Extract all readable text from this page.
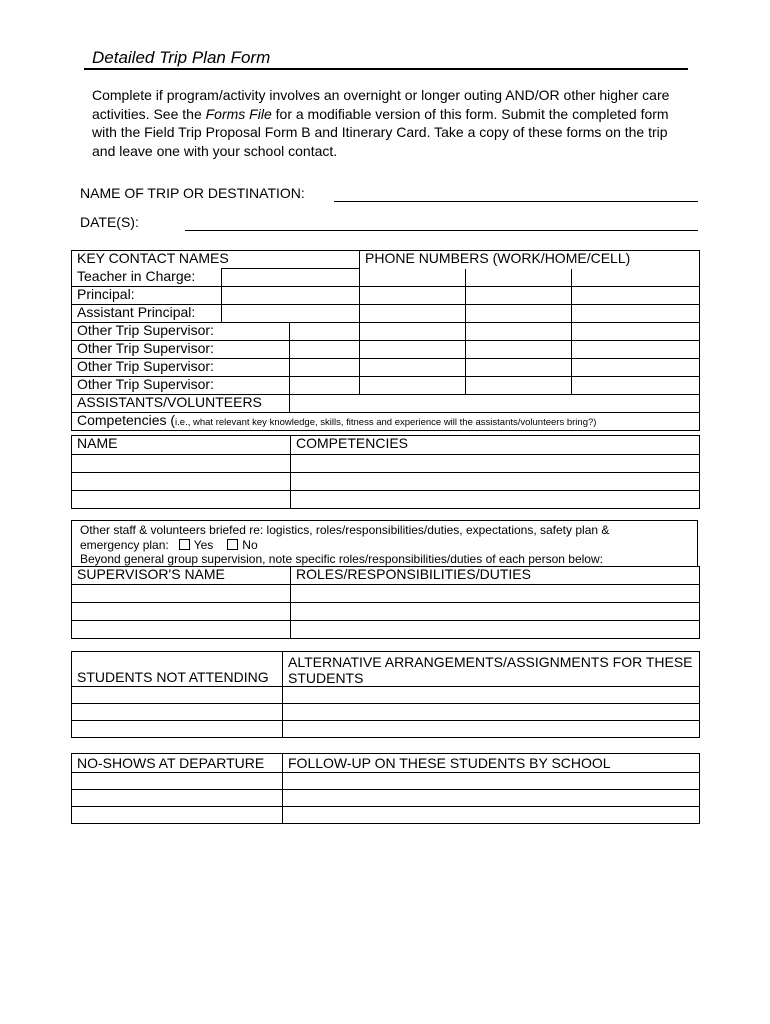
Detailed Trip Plan Form
Complete if program/activity involves an overnight or longer outing AND/OR other higher care activities. See the Forms File for a modifiable version of this form. Submit the completed form with the Field Trip Proposal Form B and Itinerary Card. Take a copy of these forms on the trip and leave one with your school contact.
NAME OF TRIP OR DESTINATION:
DATE(S):
KEY CONTACT NAMES			PHONE NUMBERS (WORK/HOME/CELL)		
Teacher in Charge:					
Principal:					
Assistant Principal:					
Other Trip Supervisor:					
Other Trip Supervisor:					
Other Trip Supervisor:					
Other Trip Supervisor:					
ASSISTANTS/VOLUNTEERS					
Competencies (i.e., what relevant key knowledge, skills, fitness and experience will the assistants/volunteers bring?)					
NAME	COMPETENCIES

Other staff & volunteers briefed re: logistics, roles/responsibilities/duties, expectations, safety plan &
emergency plan: Yes No
Beyond general group supervision, note specific roles/responsibilities/duties of each person below:
SUPERVISOR'S NAME	ROLES/RESPONSIBILITIES/DUTIES

STUDENTS NOT ATTENDING	ALTERNATIVE ARRANGEMENTS/ASSIGNMENTS FOR THESE STUDENTS

NO-SHOWS AT DEPARTURE	FOLLOW-UP ON THESE STUDENTS BY SCHOOL
